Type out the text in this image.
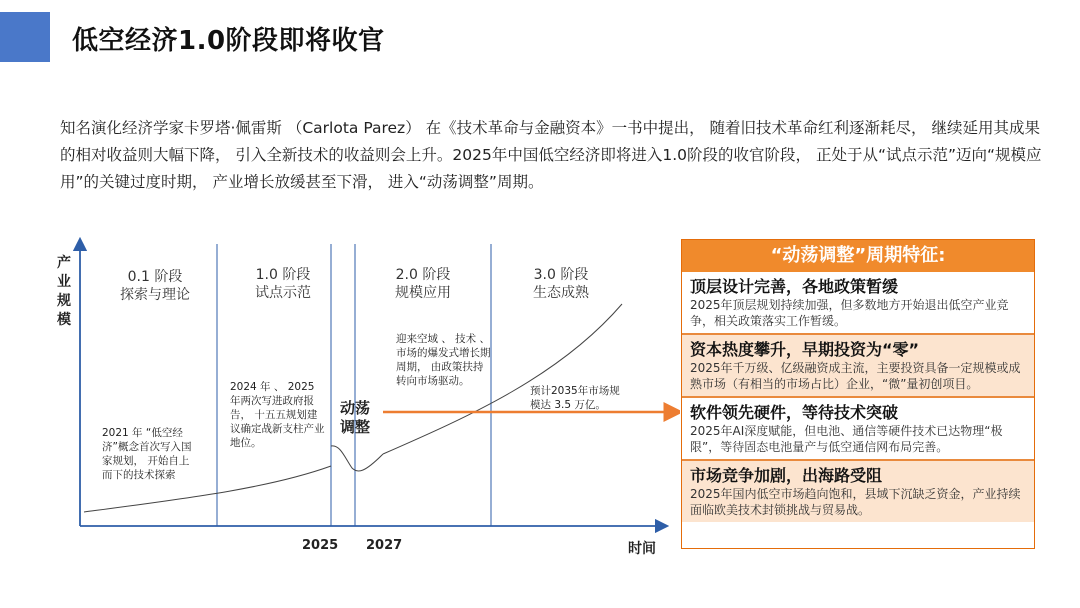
低空经济1.0阶段即将收官
知名演化经济学家卡罗塔·佩雷斯 （Carlota Parez） 在《技术革命与金融资本》一书中提出， 随着旧技术革命红利逐渐耗尽， 继续延用其成果的相对收益则大幅下降， 引入全新技术的收益则会上升。2025年中国低空经济即将进入1.0阶段的收官阶段， 正处于从“试点示范”迈向“规模应用”的关键过度时期， 产业增长放缓甚至下滑， 进入“动荡调整”周期。
产业规模
时间
2025 2027
0.1 阶段
探索与理论
1.0 阶段
试点示范
2.0 阶段
规模应用
3.0 阶段
生态成熟
动荡
调整
2021 年 “低空经济”概念首次写入国家规划， 开始自上而下的技术探索
2024 年 、 2025 年两次写进政府报告， 十五五规划建议确定战新支柱产业地位。
迎来空域 、 技术 、 市场的爆发式增长期周期， 由政策扶持转向市场驱动。
预计2035年市场规模达 3.5 万亿。
“动荡调整”周期特征:
顶层设计完善，各地政策暂缓
2025年顶层规划持续加强，但多数地方开始退出低空产业竞争，相关政策落实工作暂缓。
资本热度攀升，早期投资为“零”
2025年千万级、亿级融资成主流，主要投资具备一定规模或成熟市场（有相当的市场占比）企业，“微”量初创项目。
软件领先硬件，等待技术突破
2025年AI深度赋能，但电池、通信等硬件技术已达物理“极限”，等待固态电池量产与低空通信网布局完善。
市场竞争加剧，出海路受阻
2025年国内低空市场趋向饱和，县域下沉缺乏资金，产业持续面临欧美技术封锁挑战与贸易战。
